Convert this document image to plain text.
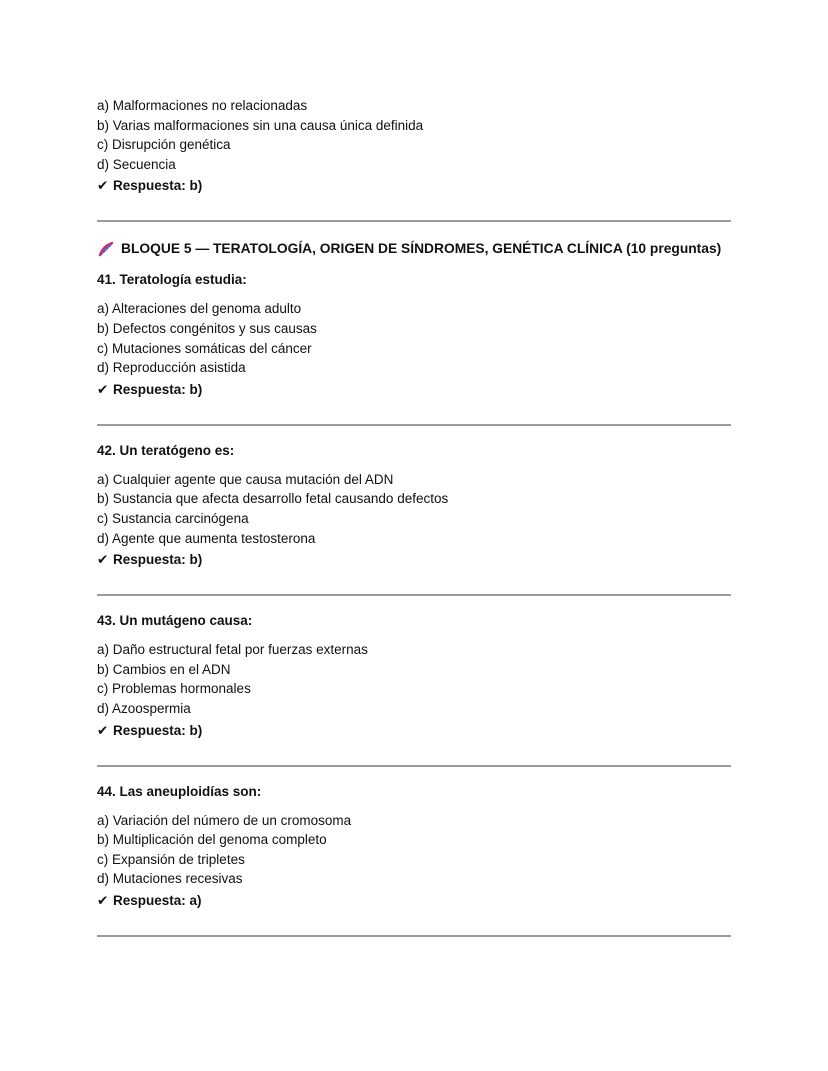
a) Malformaciones no relacionadas
b) Varias malformaciones sin una causa única definida
c) Disrupción genética
d) Secuencia
✔ Respuesta: b)
BLOQUE 5 — TERATOLOGÍA, ORIGEN DE SÍNDROMES, GENÉTICA CLÍNICA (10 preguntas)
41. Teratología estudia:
a) Alteraciones del genoma adulto
b) Defectos congénitos y sus causas
c) Mutaciones somáticas del cáncer
d) Reproducción asistida
✔ Respuesta: b)
42. Un teratógeno es:
a) Cualquier agente que causa mutación del ADN
b) Sustancia que afecta desarrollo fetal causando defectos
c) Sustancia carcinógena
d) Agente que aumenta testosterona
✔ Respuesta: b)
43. Un mutágeno causa:
a) Daño estructural fetal por fuerzas externas
b) Cambios en el ADN
c) Problemas hormonales
d) Azoospermia
✔ Respuesta: b)
44. Las aneuploidías son:
a) Variación del número de un cromosoma
b) Multiplicación del genoma completo
c) Expansión de tripletes
d) Mutaciones recesivas
✔ Respuesta: a)
